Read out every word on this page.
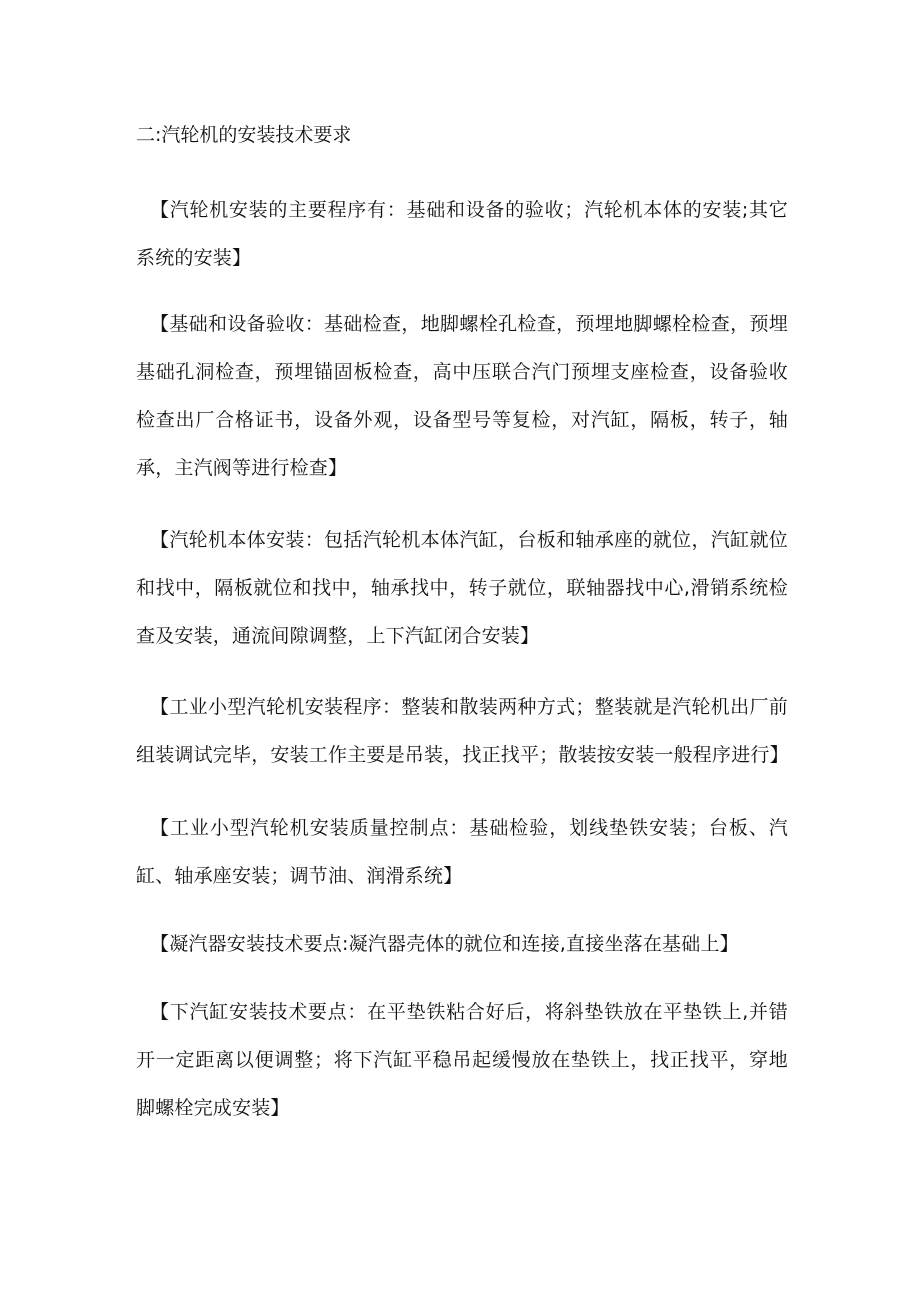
二:汽轮机的安装技术要求

【汽轮机安装的主要程序有：基础和设备的验收；汽轮机本体的安装;其它系统的安装】

【基础和设备验收：基础检查，地脚螺栓孔检查，预埋地脚螺栓检查，预埋基础孔洞检查，预埋锚固板检查，高中压联合汽门预埋支座检查，设备验收检查出厂合格证书，设备外观，设备型号等复检，对汽缸，隔板，转子，轴承，主汽阀等进行检查】

【汽轮机本体安装：包括汽轮机本体汽缸，台板和轴承座的就位，汽缸就位和找中，隔板就位和找中，轴承找中，转子就位，联轴器找中心,滑销系统检查及安装，通流间隙调整，上下汽缸闭合安装】

【工业小型汽轮机安装程序：整装和散装两种方式；整装就是汽轮机出厂前组装调试完毕，安装工作主要是吊装，找正找平；散装按安装一般程序进行】

【工业小型汽轮机安装质量控制点：基础检验，划线垫铁安装；台板、汽缸、轴承座安装；调节油、润滑系统】

【凝汽器安装技术要点:凝汽器壳体的就位和连接,直接坐落在基础上】

【下汽缸安装技术要点：在平垫铁粘合好后，将斜垫铁放在平垫铁上,并错开一定距离以便调整；将下汽缸平稳吊起缓慢放在垫铁上，找正找平，穿地脚螺栓完成安装】
